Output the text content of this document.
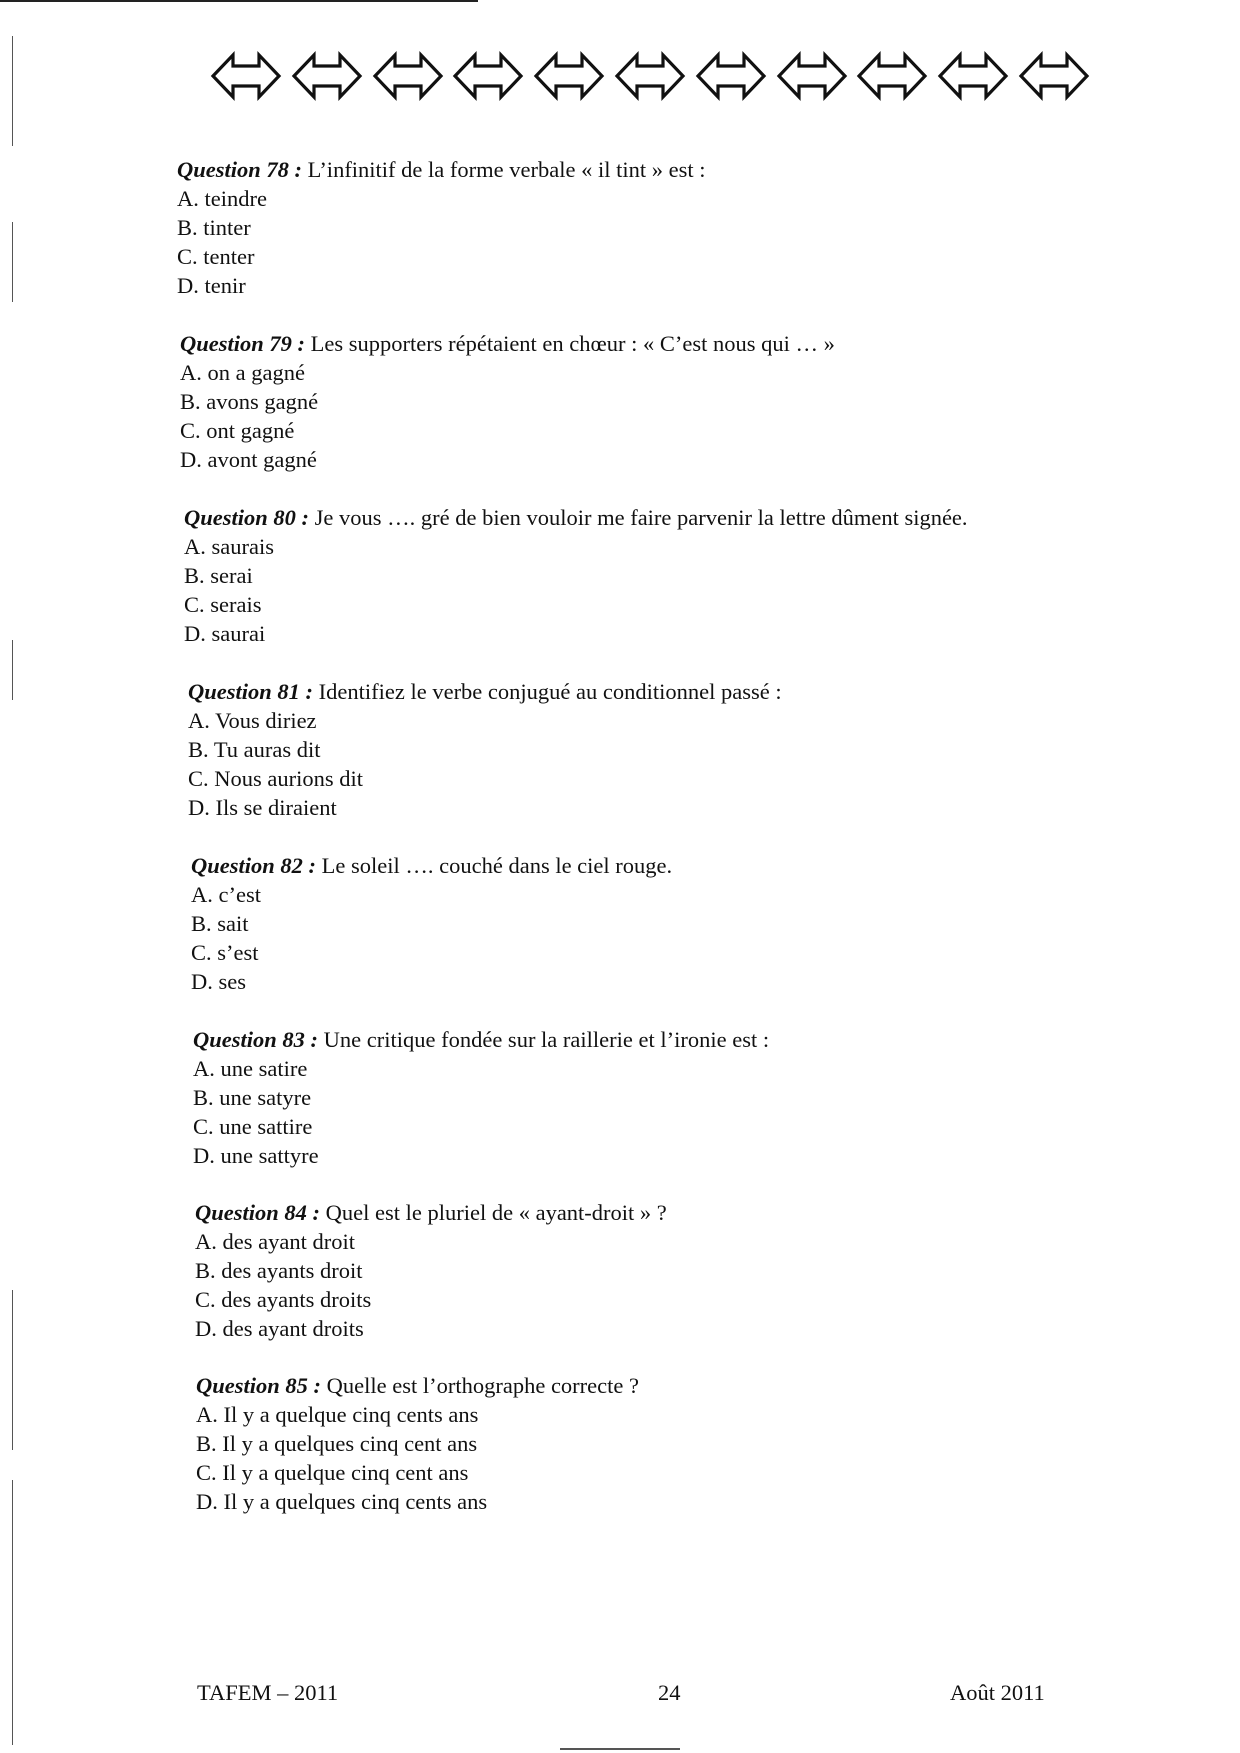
Question 78 : L’infinitif de la forme verbale « il tint » est :
A. teindre
B. tinter
C. tenter
D. tenir
Question 79 : Les supporters répétaient en chœur : « C’est nous qui … »
A. on a gagné
B. avons gagné
C. ont gagné
D. avont gagné
Question 80 : Je vous …. gré de bien vouloir me faire parvenir la lettre dûment signée.
A. saurais
B. serai
C. serais
D. saurai
Question 81 : Identifiez le verbe conjugué au conditionnel passé :
A. Vous diriez
B. Tu auras dit
C. Nous aurions dit
D. Ils se diraient
Question 82 : Le soleil …. couché dans le ciel rouge.
A. c’est
B. sait
C. s’est
D. ses
Question 83 : Une critique fondée sur la raillerie et l’ironie est :
A. une satire
B. une satyre
C. une sattire
D. une sattyre
Question 84 : Quel est le pluriel de « ayant-droit » ?
A. des ayant droit
B. des ayants droit
C. des ayants droits
D. des ayant droits
Question 85 : Quelle est l’orthographe correcte ?
A. Il y a quelque cinq cents ans
B. Il y a quelques cinq cent ans
C. Il y a quelque cinq cent ans
D. Il y a quelques cinq cents ans
TAFEM – 2011	24	Août 2011
